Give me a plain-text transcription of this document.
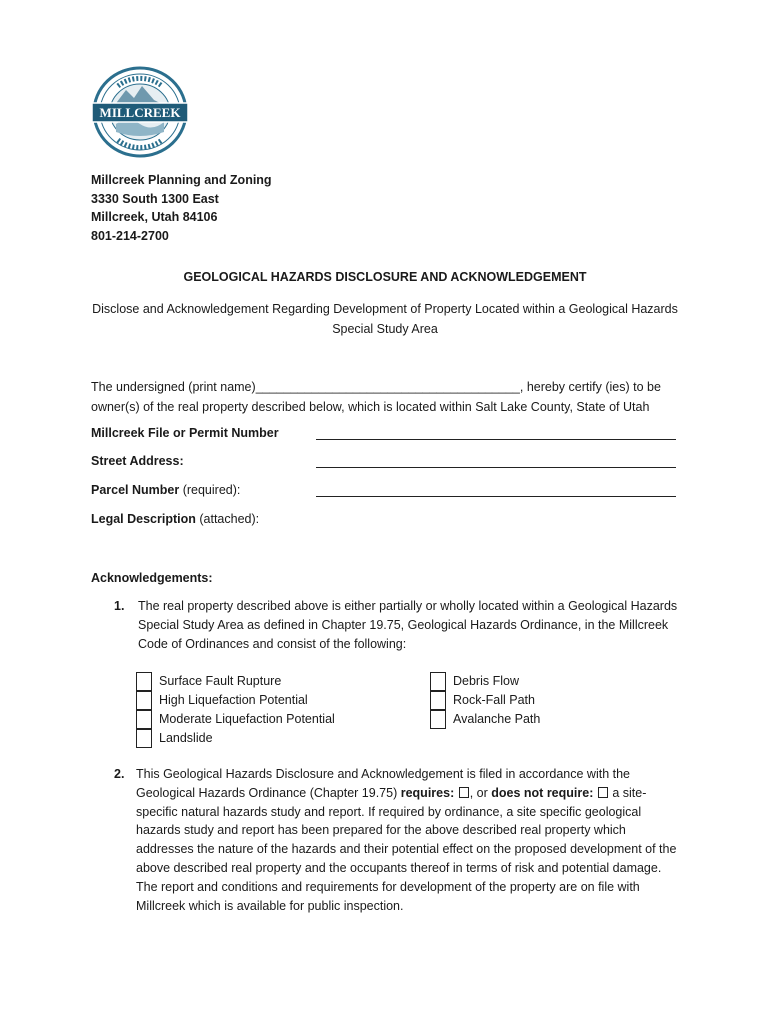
MILLCREEK
Millcreek Planning and Zoning
3330 South 1300 East
Millcreek, Utah 84106
801-214-2700
GEOLOGICAL HAZARDS DISCLOSURE AND ACKNOWLEDGEMENT
Disclose and Acknowledgement Regarding Development of Property Located within a Geological Hazards Special Study Area
The undersigned (print name)______________________________________, hereby certify (ies) to be owner(s) of the real property described below, which is located within Salt Lake County, State of Utah
Millcreek File or Permit Number
Street Address:
Parcel Number (required):
Legal Description (attached):
Acknowledgements:
1. The real property described above is either partially or wholly located within a Geological Hazards Special Study Area as defined in Chapter 19.75, Geological Hazards Ordinance, in the Millcreek Code of Ordinances and consist of the following:
Surface Fault Rupture
High Liquefaction Potential
Moderate Liquefaction Potential
Landslide
Debris Flow
Rock-Fall Path
Avalanche Path
2. This Geological Hazards Disclosure and Acknowledgement is filed in accordance with the Geological Hazards Ordinance (Chapter 19.75) requires: , or does not require:  a site-specific natural hazards study and report. If required by ordinance, a site specific geological hazards study and report has been prepared for the above described real property which addresses the nature of the hazards and their potential effect on the proposed development of the above described real property and the occupants thereof in terms of risk and potential damage. The report and conditions and requirements for development of the property are on file with Millcreek which is available for public inspection.
